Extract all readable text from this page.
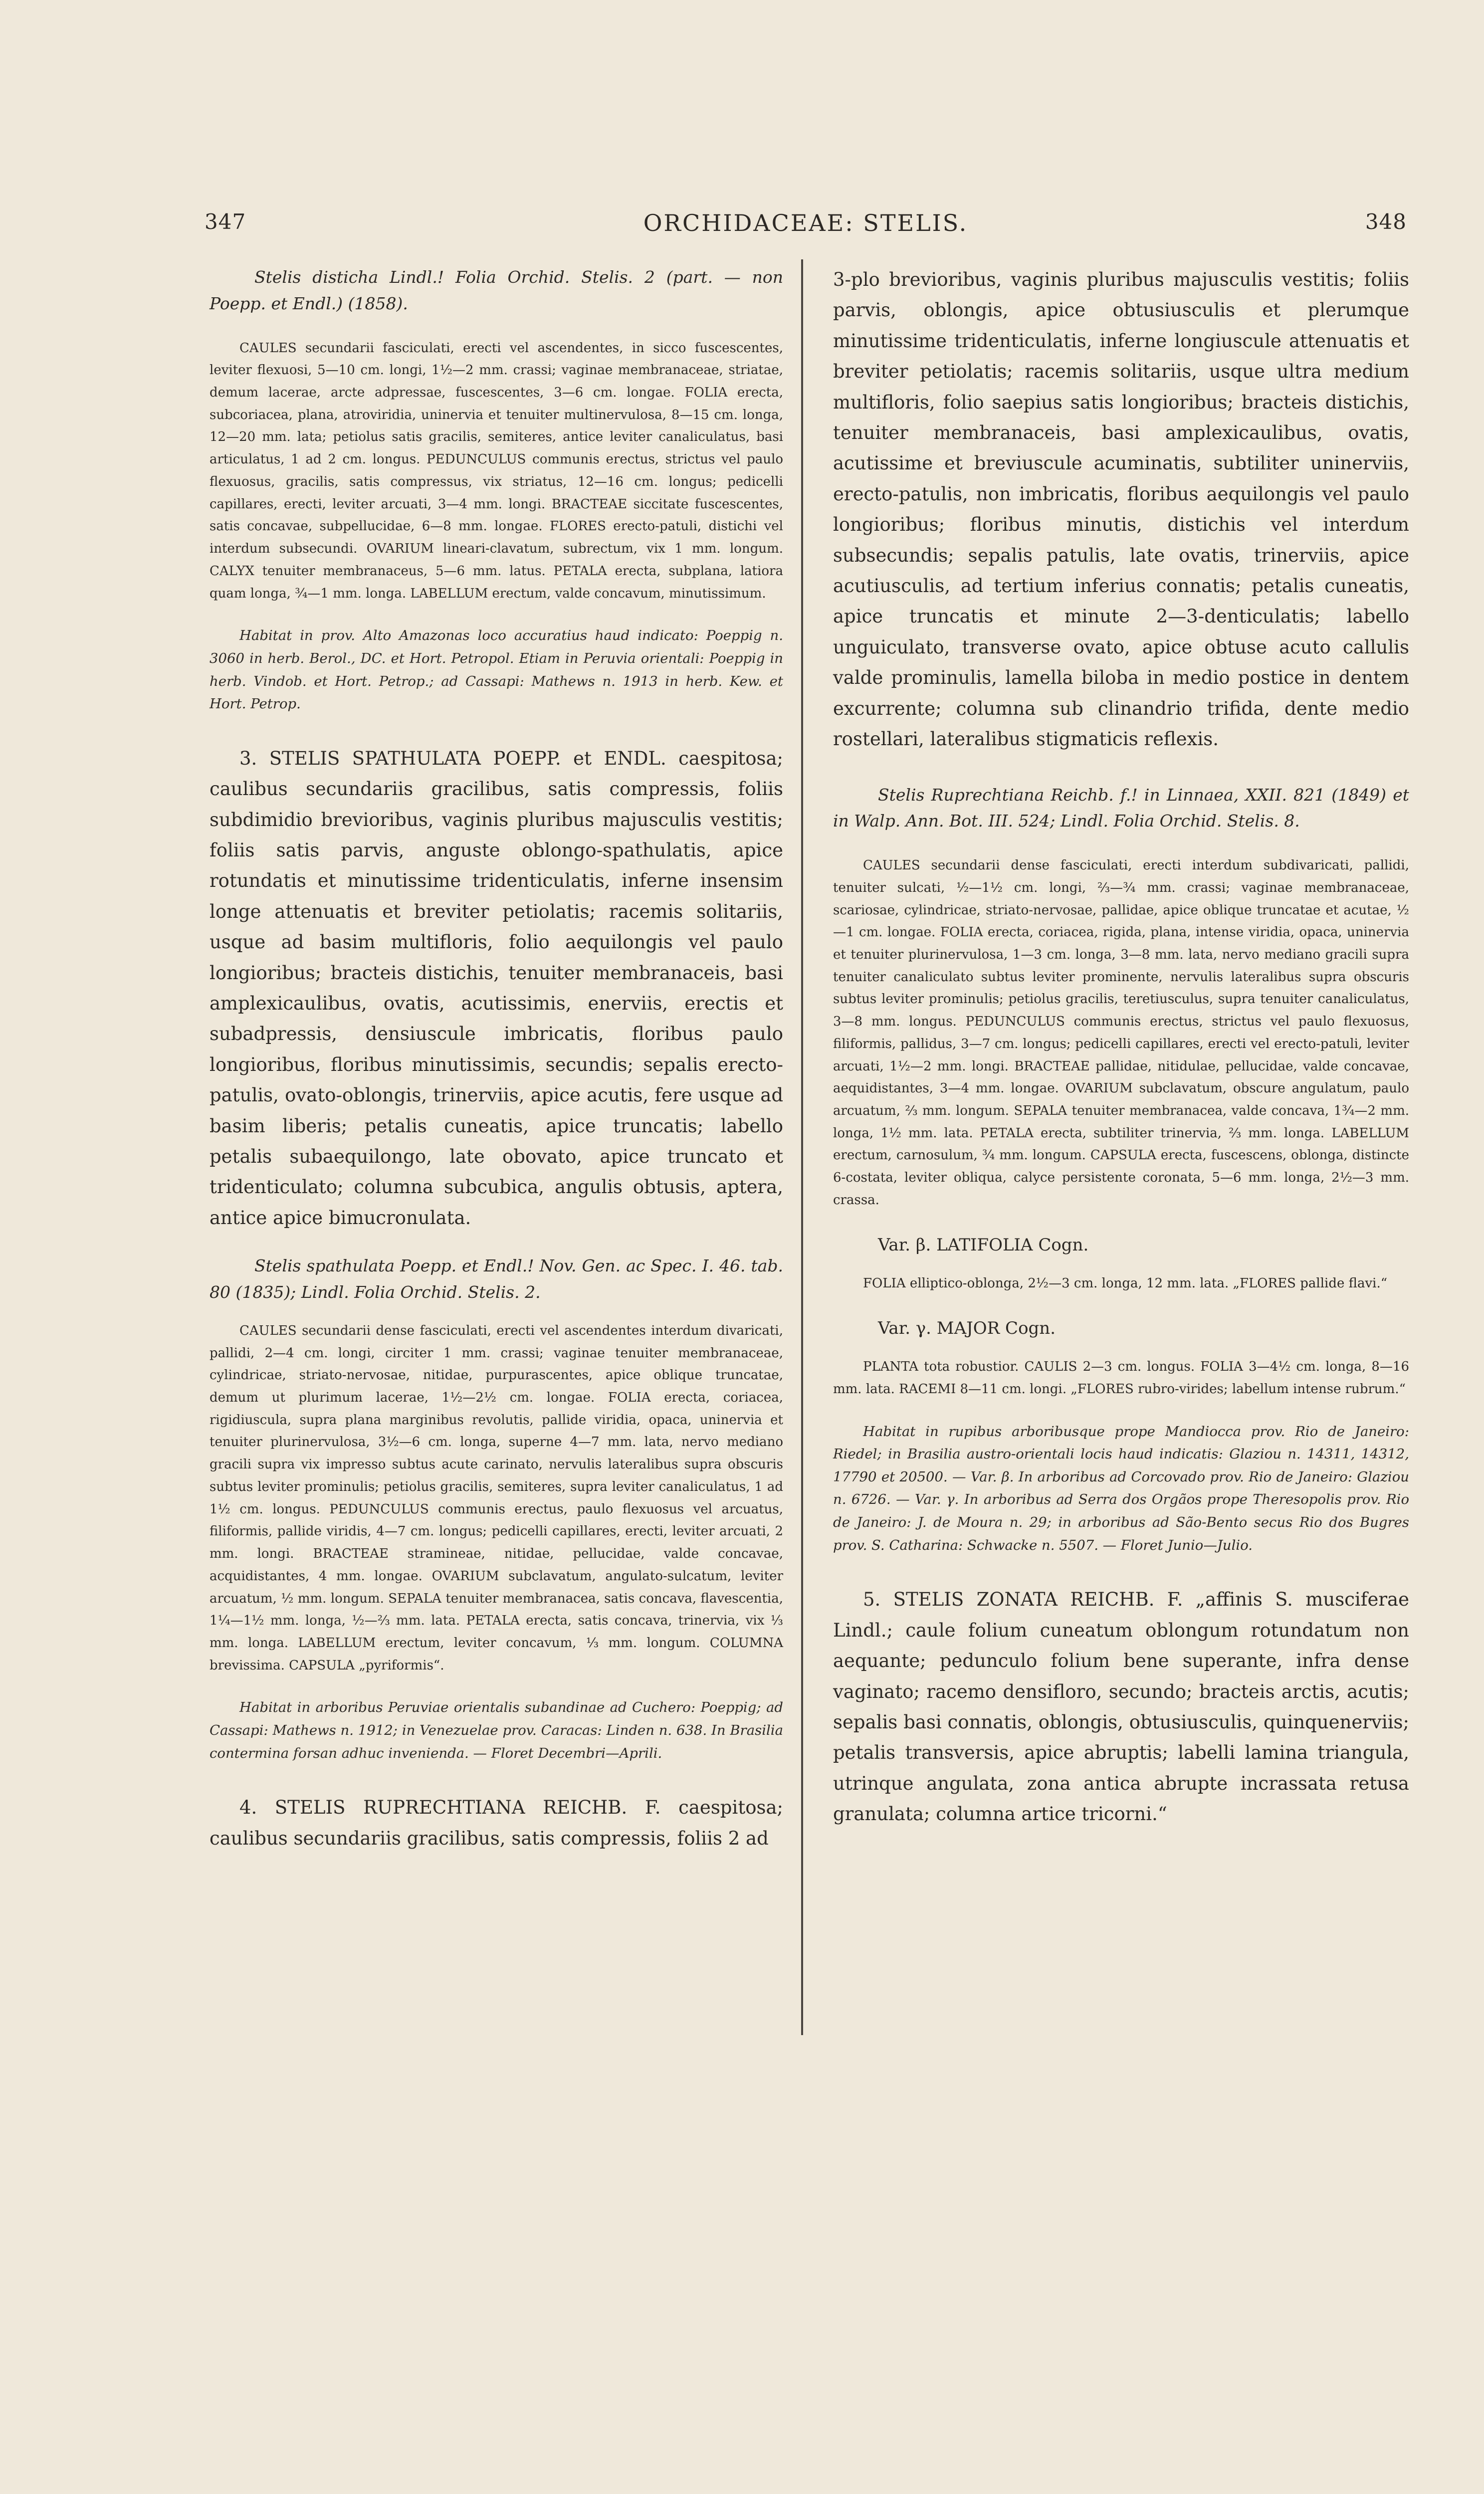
347	ORCHIDACEAE: STELIS.	348

Stelis disticha Lindl.! Folia Orchid. Stelis. 2 (part. — non Poepp. et Endl.) (1858).

CAULES secundarii fasciculati, erecti vel ascendentes, in sicco fuscescentes, leviter flexuosi, 5—10 cm. longi, 1½—2 mm. crassi; vaginae membranaceae, striatae, demum lacerae, arcte adpressae, fuscescentes, 3—6 cm. longae. FOLIA erecta, subcoriacea, plana, atroviridia, uninervia et tenuiter multinervulosa, 8—15 cm. longa, 12—20 mm. lata; petiolus satis gracilis, semiteres, antice leviter canaliculatus, basi articulatus, 1 ad 2 cm. longus. PEDUNCULUS communis erectus, strictus vel paulo flexuosus, gracilis, satis compressus, vix striatus, 12—16 cm. longus; pedicelli capillares, erecti, leviter arcuati, 3—4 mm. longi. BRACTEAE siccitate fuscescentes, satis concavae, subpellucidae, 6—8 mm. longae. FLORES erecto-patuli, distichi vel interdum subsecundi. OVARIUM lineari-clavatum, subrectum, vix 1 mm. longum. CALYX tenuiter membranaceus, 5—6 mm. latus. PETALA erecta, subplana, latiora quam longa, ¾—1 mm. longa. LABELLUM erectum, valde concavum, minutissimum.

Habitat in prov. Alto Amazonas loco accuratius haud indicato: Poeppig n. 3060 in herb. Berol., DC. et Hort. Petropol. Etiam in Peruvia orientali: Poeppig in herb. Vindob. et Hort. Petrop.; ad Cassapi: Mathews n. 1913 in herb. Kew. et Hort. Petrop.

3. STELIS SPATHULATA POEPP. et ENDL. caespitosa; caulibus secundariis gracilibus, satis compressis, foliis subdimidio brevioribus, vaginis pluribus majusculis vestitis; foliis satis parvis, anguste oblongo-spathulatis, apice rotundatis et minutissime tridenticulatis, inferne insensim longe attenuatis et breviter petiolatis; racemis solitariis, usque ad basim multifloris, folio aequilongis vel paulo longioribus; bracteis distichis, tenuiter membranaceis, basi amplexicaulibus, ovatis, acutissimis, enerviis, erectis et subadpressis, densiuscule imbricatis, floribus paulo longioribus, floribus minutissimis, secundis; sepalis erecto-patulis, ovato-oblongis, trinerviis, apice acutis, fere usque ad basim liberis; petalis cuneatis, apice truncatis; labello petalis subaequilongo, late obovato, apice truncato et tridenticulato; columna subcubica, angulis obtusis, aptera, antice apice bimucronulata.

Stelis spathulata Poepp. et Endl.! Nov. Gen. ac Spec. I. 46. tab. 80 (1835); Lindl. Folia Orchid. Stelis. 2.

CAULES secundarii dense fasciculati, erecti vel ascendentes interdum divaricati, pallidi, 2—4 cm. longi, circiter 1 mm. crassi; vaginae tenuiter membranaceae, cylindricae, striato-nervosae, nitidae, purpurascentes, apice oblique truncatae, demum ut plurimum lacerae, 1½—2½ cm. longae. FOLIA erecta, coriacea, rigidiuscula, supra plana marginibus revolutis, pallide viridia, opaca, uninervia et tenuiter plurinervulosa, 3½—6 cm. longa, superne 4—7 mm. lata, nervo mediano gracili supra vix impresso subtus acute carinato, nervulis lateralibus supra obscuris subtus leviter prominulis; petiolus gracilis, semiteres, supra leviter canaliculatus, 1 ad 1½ cm. longus. PEDUNCULUS communis erectus, paulo flexuosus vel arcuatus, filiformis, pallide viridis, 4—7 cm. longus; pedicelli capillares, erecti, leviter arcuati, 2 mm. longi. BRACTEAE stramineae, nitidae, pellucidae, valde concavae, acquidistantes, 4 mm. longae. OVARIUM subclavatum, angulato-sulcatum, leviter arcuatum, ½ mm. longum. SEPALA tenuiter membranacea, satis concava, flavescentia, 1¼—1½ mm. longa, ½—⅔ mm. lata. PETALA erecta, satis concava, trinervia, vix ⅓ mm. longa. LABELLUM erectum, leviter concavum, ⅓ mm. longum. COLUMNA brevissima. CAPSULA „pyriformis“.

Habitat in arboribus Peruviae orientalis subandinae ad Cuchero: Poeppig; ad Cassapi: Mathews n. 1912; in Venezuelae prov. Caracas: Linden n. 638. In Brasilia contermina forsan adhuc invenienda. — Floret Decembri—Aprili.

4. STELIS RUPRECHTIANA REICHB. F. caespitosa; caulibus secundariis gracilibus, satis compressis, foliis 2 ad

3-plo brevioribus, vaginis pluribus majusculis vestitis; foliis parvis, oblongis, apice obtusiusculis et plerumque minutissime tridenticulatis, inferne longiuscule attenuatis et breviter petiolatis; racemis solitariis, usque ultra medium multifloris, folio saepius satis longioribus; bracteis distichis, tenuiter membranaceis, basi amplexicaulibus, ovatis, acutissime et breviuscule acuminatis, subtiliter uninerviis, erecto-patulis, non imbricatis, floribus aequilongis vel paulo longioribus; floribus minutis, distichis vel interdum subsecundis; sepalis patulis, late ovatis, trinerviis, apice acutiusculis, ad tertium inferius connatis; petalis cuneatis, apice truncatis et minute 2—3-denticulatis; labello unguiculato, transverse ovato, apice obtuse acuto callulis valde prominulis, lamella biloba in medio postice in dentem excurrente; columna sub clinandrio trifida, dente medio rostellari, lateralibus stigmaticis reflexis.

Stelis Ruprechtiana Reichb. f.! in Linnaea, XXII. 821 (1849) et in Walp. Ann. Bot. III. 524; Lindl. Folia Orchid. Stelis. 8.

CAULES secundarii dense fasciculati, erecti interdum subdivaricati, pallidi, tenuiter sulcati, ½—1½ cm. longi, ⅔—¾ mm. crassi; vaginae membranaceae, scariosae, cylindricae, striato-nervosae, pallidae, apice oblique truncatae et acutae, ½—1 cm. longae. FOLIA erecta, coriacea, rigida, plana, intense viridia, opaca, uninervia et tenuiter plurinervulosa, 1—3 cm. longa, 3—8 mm. lata, nervo mediano gracili supra tenuiter canaliculato subtus leviter prominente, nervulis lateralibus supra obscuris subtus leviter prominulis; petiolus gracilis, teretiusculus, supra tenuiter canaliculatus, 3—8 mm. longus. PEDUNCULUS communis erectus, strictus vel paulo flexuosus, filiformis, pallidus, 3—7 cm. longus; pedicelli capillares, erecti vel erecto-patuli, leviter arcuati, 1½—2 mm. longi. BRACTEAE pallidae, nitidulae, pellucidae, valde concavae, aequidistantes, 3—4 mm. longae. OVARIUM subclavatum, obscure angulatum, paulo arcuatum, ⅔ mm. longum. SEPALA tenuiter membranacea, valde concava, 1¾—2 mm. longa, 1½ mm. lata. PETALA erecta, subtiliter trinervia, ⅔ mm. longa. LABELLUM erectum, carnosulum, ¾ mm. longum. CAPSULA erecta, fuscescens, oblonga, distincte 6-costata, leviter obliqua, calyce persistente coronata, 5—6 mm. longa, 2½—3 mm. crassa.

Var. β. LATIFOLIA Cogn.

FOLIA elliptico-oblonga, 2½—3 cm. longa, 12 mm. lata. „FLORES pallide flavi.“

Var. γ. MAJOR Cogn.

PLANTA tota robustior. CAULIS 2—3 cm. longus. FOLIA 3—4½ cm. longa, 8—16 mm. lata. RACEMI 8—11 cm. longi. „FLORES rubro-virides; labellum intense rubrum.“

Habitat in rupibus arboribusque prope Mandiocca prov. Rio de Janeiro: Riedel; in Brasilia austro-orientali locis haud indicatis: Glaziou n. 14311, 14312, 17790 et 20500. — Var. β. In arboribus ad Corcovado prov. Rio de Janeiro: Glaziou n. 6726. — Var. γ. In arboribus ad Serra dos Orgãos prope Theresopolis prov. Rio de Janeiro: J. de Moura n. 29; in arboribus ad São-Bento secus Rio dos Bugres prov. S. Catharina: Schwacke n. 5507. — Floret Junio—Julio.

5. STELIS ZONATA REICHB. F. „affinis S. musciferae Lindl.; caule folium cuneatum oblongum rotundatum non aequante; pedunculo folium bene superante, infra dense vaginato; racemo densifloro, secundo; bracteis arctis, acutis; sepalis basi connatis, oblongis, obtusiusculis, quinquenerviis; petalis transversis, apice abruptis; labelli lamina triangula, utrinque angulata, zona antica abrupte incrassata retusa granulata; columna artice tricorni.“
